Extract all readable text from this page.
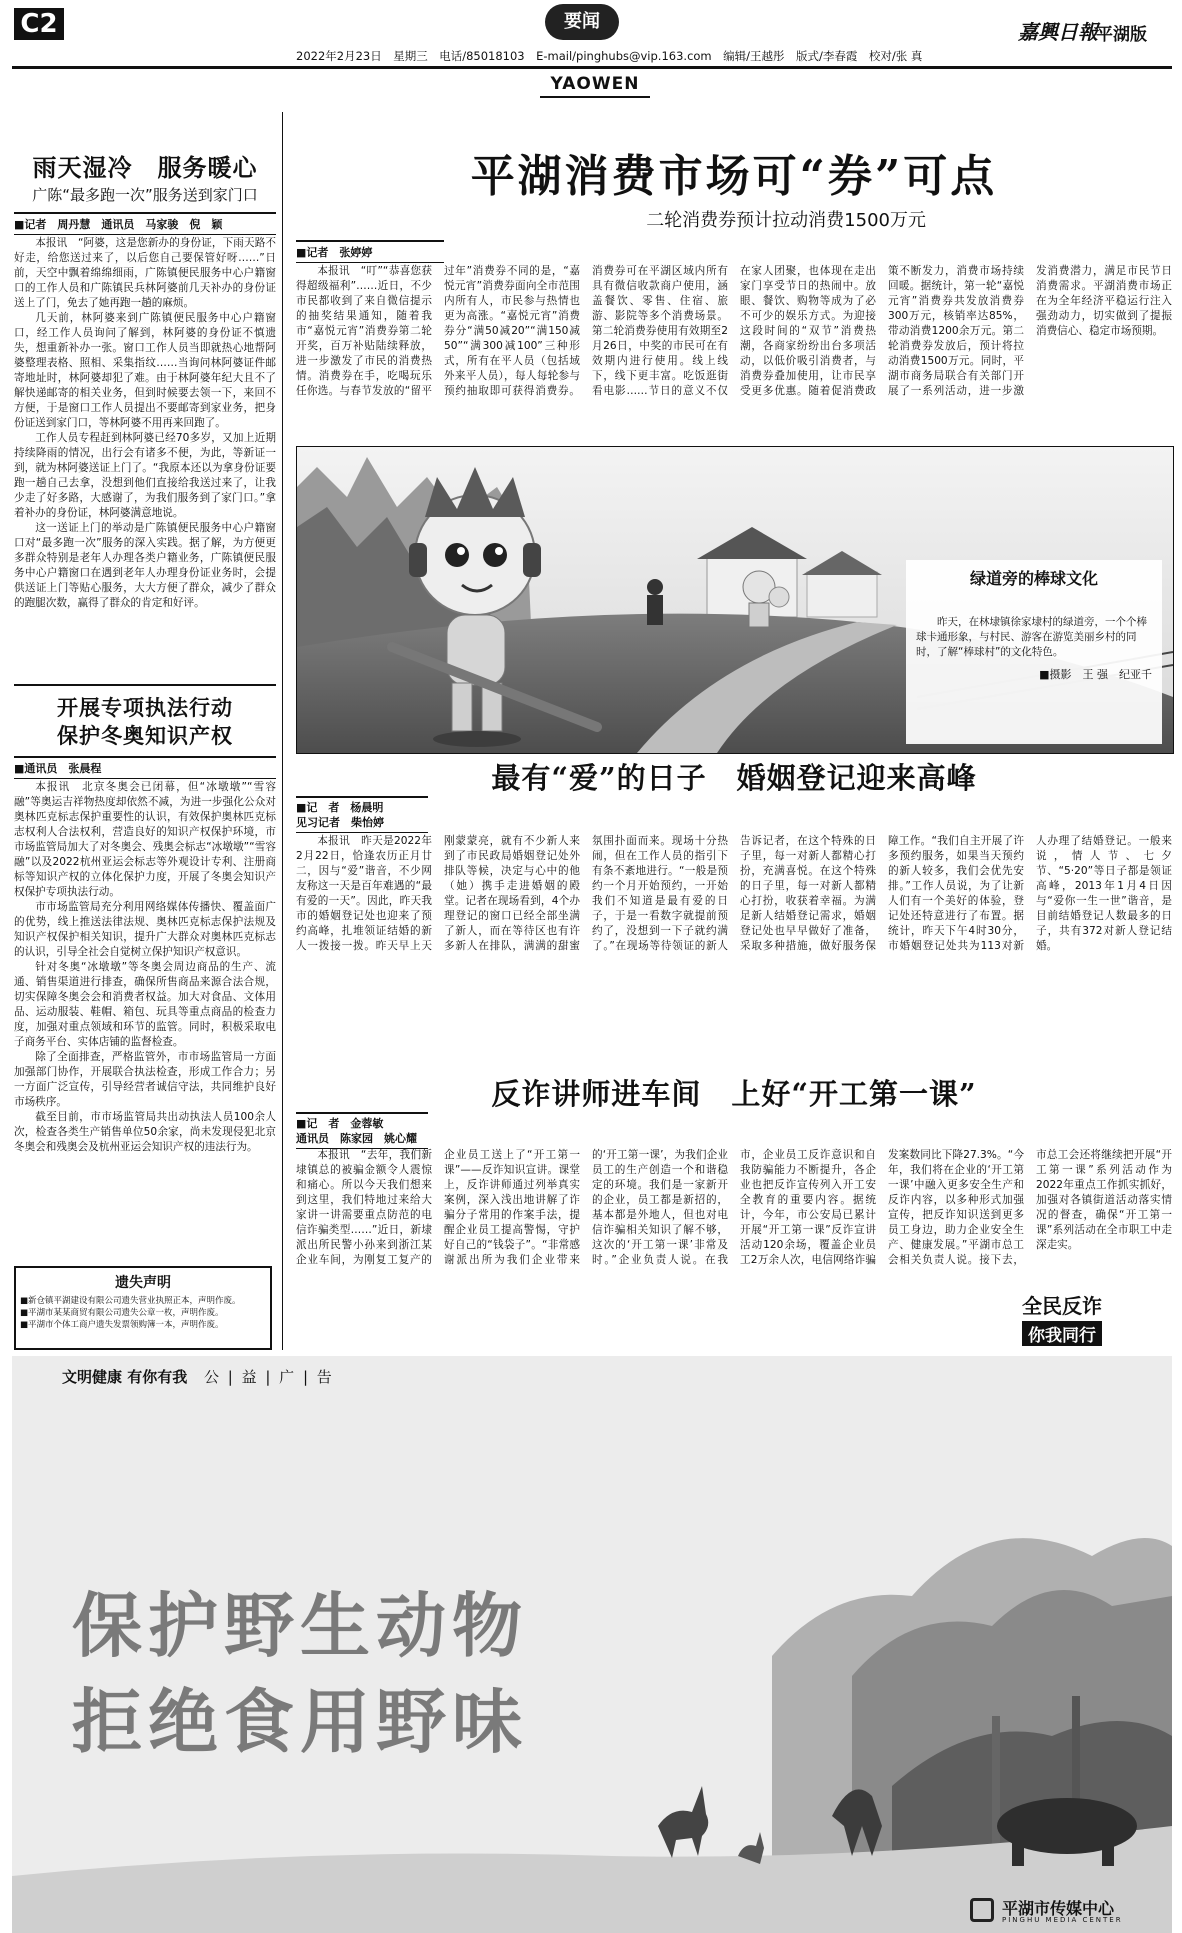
C2	要闻	嘉興日報
平湖版
2022年2月23日　星期三　电话/85018103　E-mail/pinghubs@vip.163.com　编辑/王越彤　版式/李春霞　校对/张 真
YAOWEN
雨天湿冷　服务暖心
广陈“最多跑一次”服务送到家门口
■记者　周丹慧　通讯员　马家骏　倪　颖

本报讯　“阿婆，这是您新办的身份证，下雨天路不好走，给您送过来了，以后您自己要保管好呀……”日前，天空中飘着绵绵细雨，广陈镇便民服务中心户籍窗口的工作人员和广陈镇民兵林阿婆前几天补办的身份证送上了门，免去了她再跑一趟的麻烦。

几天前，林阿婆来到广陈镇便民服务中心户籍窗口，经工作人员询问了解到，林阿婆的身份证不慎遗失，想重新补办一张。窗口工作人员当即就热心地帮阿婆整理表格、照相、采集指纹……当询问林阿婆证件邮寄地址时，林阿婆却犯了难。由于林阿婆年纪大且不了解快递邮寄的相关业务，但到时候要去领一下，来回不方便，于是窗口工作人员提出不要邮寄到家业务，把身份证送到家门口，等林阿婆不用再来回跑了。

工作人员专程赶到林阿婆已经70多岁，又加上近期持续降雨的情况，出行会有诸多不便，为此，等新证一到，就为林阿婆送证上门了。“我原本还以为拿身份证要跑一趟自己去拿，没想到他们直接给我送过来了，让我少走了好多路，大感谢了，为我们服务到了家门口。”拿着补办的身份证，林阿婆满意地说。

这一送证上门的举动是广陈镇便民服务中心户籍窗口对“最多跑一次”服务的深入实践。据了解，为方便更多群众特别是老年人办理各类户籍业务，广陈镇便民服务中心户籍窗口在遇到老年人办理身份证业务时，会提供送证上门等贴心服务，大大方便了群众，减少了群众的跑腿次数，赢得了群众的肯定和好评。

开展专项执法行动
保护冬奥知识产权
■通讯员　张晨程

本报讯　北京冬奥会已闭幕，但“冰墩墩”“雪容融”等奥运吉祥物热度却依然不减，为进一步强化公众对奥林匹克标志保护重要性的认识，有效保护奥林匹克标志权利人合法权利，营造良好的知识产权保护环境，市市场监管局加大了对冬奥会、残奥会标志“冰墩墩”“雪容融”以及2022杭州亚运会标志等外观设计专利、注册商标等知识产权的立体化保护力度，开展了冬奥会知识产权保护专项执法行动。

市市场监管局充分利用网络媒体传播快、覆盖面广的优势，线上推送法律法规、奥林匹克标志保护法规及知识产权保护相关知识，提升广大群众对奥林匹克标志的认识，引导全社会自觉树立保护知识产权意识。

针对冬奥“冰墩墩”等冬奥会周边商品的生产、流通、销售渠道进行排查，确保所售商品来源合法合规，切实保障冬奥会会和消费者权益。加大对食品、文体用品、运动服装、鞋帽、箱包、玩具等重点商品的检查力度，加强对重点领域和环节的监管。同时，积极采取电子商务平台、实体店铺的监督检查。

除了全面排查，严格监管外，市市场监管局一方面加强部门协作，开展联合执法检查，形成工作合力；另一方面广泛宣传，引导经营者诚信守法，共同维护良好市场秩序。

截至目前，市市场监管局共出动执法人员100余人次，检查各类生产销售单位50余家，尚未发现侵犯北京冬奥会和残奥会及杭州亚运会知识产权的违法行为。

遗失声明
■新仓镇平湖建设有限公司遗失营业执照正本，声明作废。
■平湖市某某商贸有限公司遗失公章一枚，声明作废。
■平湖市个体工商户遗失发票领购簿一本，声明作废。
平湖消费市场可“券”可点
二轮消费券预计拉动消费1500万元
■记者　张婷婷

本报讯　“叮”“恭喜您获得超级福利”……近日，不少市民都收到了来自微信提示的抽奖结果通知，随着我市“嘉悦元宵”消费券第二轮开奖，百万补贴陆续释放，进一步激发了市民的消费热情。消费券在手，吃喝玩乐任你选。与春节发放的“留平过年”消费券不同的是，“嘉悦元宵”消费券面向全市范围内所有人，市民参与热情也更为高涨。“嘉悦元宵”消费券分“满50减20”“满150减50”“满300减100”三种形式，所有在平人员（包括域外来平人员），每人每轮参与预约抽取即可获得消费券。消费券可在平湖区域内所有具有微信收款商户使用，涵盖餐饮、零售、住宿、旅游、影院等多个消费场景。第二轮消费券使用有效期至2月26日，中奖的市民可在有效期内进行使用。线上线下，线下更丰富。吃饭逛街看电影……节日的意义不仅在家人团聚，也体现在走出家门享受节日的热闹中。放眼、餐饮、购物等成为了必不可少的娱乐方式。为迎接这段时间的“双节”消费热潮，各商家纷纷出台多项活动，以低价吸引消费者，与消费券叠加使用，让市民享受更多优惠。随着促消费政策不断发力，消费市场持续回暖。据统计，第一轮“嘉悦元宵”消费券共发放消费券300万元，核销率达85%，带动消费1200余万元。第二轮消费券发放后，预计将拉动消费1500万元。同时，平湖市商务局联合有关部门开展了一系列活动，进一步激发消费潜力，满足市民节日消费需求。平湖消费市场正在为全年经济平稳运行注入强劲动力，切实做到了提振消费信心、稳定市场预期。

绿道旁的棒球文化
昨天，在林埭镇徐家埭村的绿道旁，一个个棒球卡通形象，与村民、游客在游览美丽乡村的同时，了解“棒球村”的文化特色。
■摄影　王 强　纪亚千
最有“爱”的日子　婚姻登记迎来高峰
■记　者　杨晨明
见习记者　柴怡婷

本报讯　昨天是2022年2月22日，恰逢农历正月廿二，因与“爱”谐音，不少网友称这一天是百年难遇的“最有爱的一天”。因此，昨天我市的婚姻登记处也迎来了预约高峰，扎堆领证结婚的新人一拨接一拨。昨天早上天刚蒙蒙亮，就有不少新人来到了市民政局婚姻登记处外排队等候，决定与心中的他（她）携手走进婚姻的殿堂。记者在现场看到，4个办理登记的窗口已经全部坐满了新人，而在等待区也有许多新人在排队，满满的甜蜜氛围扑面而来。现场十分热闹，但在工作人员的指引下有条不紊地进行。“一般是预约一个月开始预约，一开始我们不知道是最有爱的日子，于是一看数字就提前预约了，没想到一下子就约满了。”在现场等待领证的新人告诉记者，在这个特殊的日子里，每一对新人都精心打扮，充满喜悦。在这个特殊的日子里，每一对新人都精心打扮，收获着幸福。为满足新人结婚登记需求，婚姻登记处也早早做好了准备，采取多种措施，做好服务保障工作。“我们自主开展了许多预约服务，如果当天预约的新人较多，我们会优先安排。”工作人员说，为了让新人们有一个美好的体验，登记处还特意进行了布置。据统计，昨天下午4时30分，市婚姻登记处共为113对新人办理了结婚登记。一般来说，情人节、七夕节、“5·20”等日子都是领证高峰，2013年1月4日因与“爱你一生一世”谐音，是目前结婚登记人数最多的日子，共有372对新人登记结婚。

反诈讲师进车间　上好“开工第一课”
■记　者　金蓉敏
通讯员　陈家园　姚心耀

本报讯　“去年，我们新埭镇总的被骗金额令人震惊和痛心。所以今天我们想来到这里，我们特地过来给大家讲一讲需要重点防范的电信诈骗类型……”近日，新埭派出所民警小孙来到浙江某企业车间，为刚复工复产的企业员工送上了“开工第一课”——反诈知识宣讲。课堂上，反诈讲师通过列举真实案例，深入浅出地讲解了诈骗分子常用的作案手法，提醒企业员工提高警惕，守护好自己的“钱袋子”。“非常感谢派出所为我们企业带来的‘开工第一课’，为我们企业员工的生产创造一个和谐稳定的环境。我们是一家新开的企业，员工都是新招的，基本都是外地人，但也对电信诈骗相关知识了解不够，这次的‘开工第一课’非常及时。”企业负责人说。在我市，企业员工反诈意识和自我防骗能力不断提升，各企业也把反诈宣传列入开工安全教育的重要内容。据统计，今年，市公安局已累计开展“开工第一课”反诈宣讲活动120余场，覆盖企业员工2万余人次，电信网络诈骗发案数同比下降27.3%。“今年，我们将在企业的‘开工第一课’中融入更多安全生产和反诈内容，以多种形式加强宣传，把反诈知识送到更多员工身边，助力企业安全生产、健康发展。”平湖市总工会相关负责人说。接下去，市总工会还将继续把开展“开工第一课”系列活动作为2022年重点工作抓实抓好，加强对各镇街道活动落实情况的督查，确保“开工第一课”系列活动在全市职工中走深走实。

全民反诈
你我同行
文明健康 有你有我 公 | 益 | 广 | 告
保护野生动物
拒绝食用野味
平湖市传媒中心
PINGHU MEDIA CENTER
